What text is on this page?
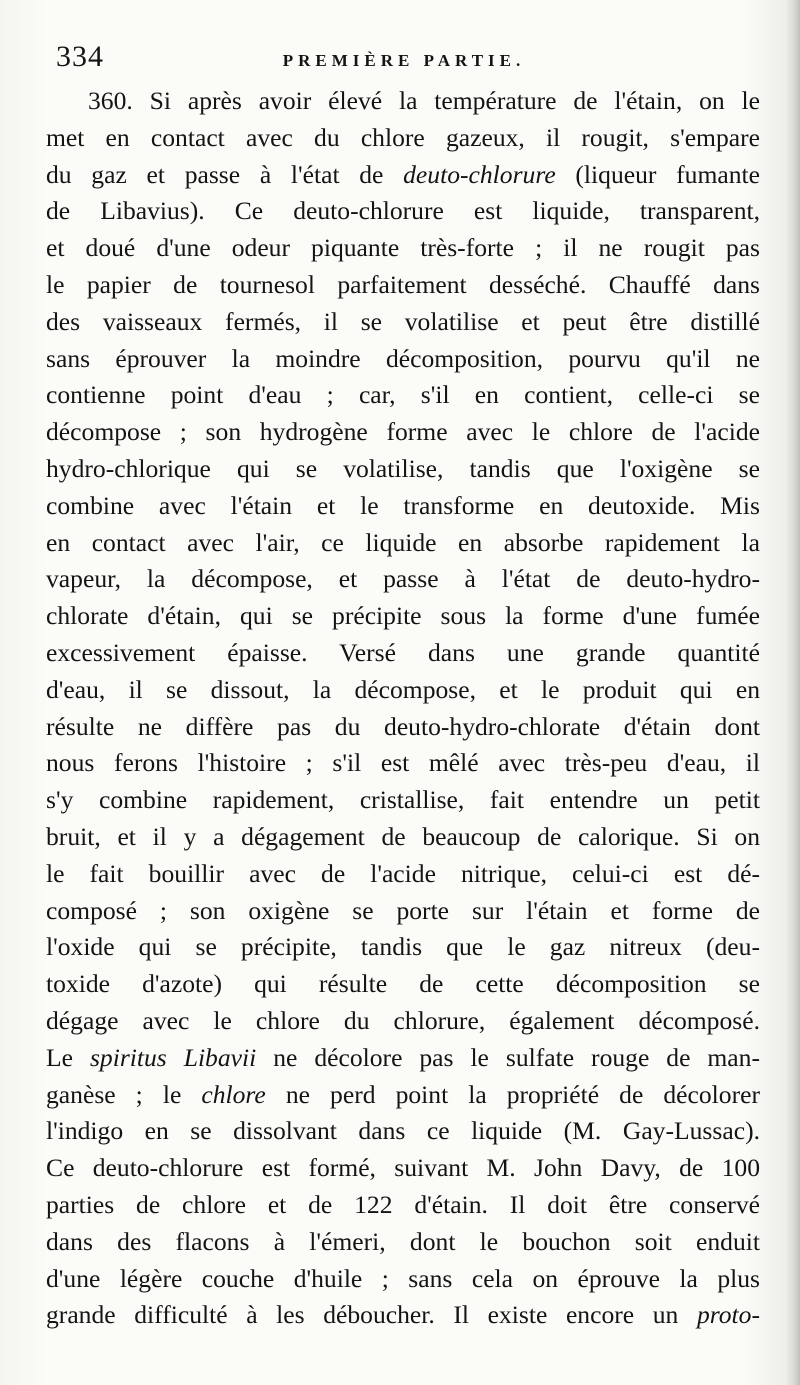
334	PREMIÈRE PARTIE.
360. Si après avoir élevé la température de l'étain, on le
met en contact avec du chlore gazeux, il rougit, s'empare
du gaz et passe à l'état de deuto-chlorure (liqueur fumante
de Libavius). Ce deuto-chlorure est liquide, transparent,
et doué d'une odeur piquante très-forte ; il ne rougit pas
le papier de tournesol parfaitement desséché. Chauffé dans
des vaisseaux fermés, il se volatilise et peut être distillé
sans éprouver la moindre décomposition, pourvu qu'il ne
contienne point d'eau ; car, s'il en contient, celle-ci se
décompose ; son hydrogène forme avec le chlore de l'acide
hydro-chlorique qui se volatilise, tandis que l'oxigène se
combine avec l'étain et le transforme en deutoxide. Mis
en contact avec l'air, ce liquide en absorbe rapidement la
vapeur, la décompose, et passe à l'état de deuto-hydro-
chlorate d'étain, qui se précipite sous la forme d'une fumée
excessivement épaisse. Versé dans une grande quantité
d'eau, il se dissout, la décompose, et le produit qui en
résulte ne diffère pas du deuto-hydro-chlorate d'étain dont
nous ferons l'histoire ; s'il est mêlé avec très-peu d'eau, il
s'y combine rapidement, cristallise, fait entendre un petit
bruit, et il y a dégagement de beaucoup de calorique. Si on
le fait bouillir avec de l'acide nitrique, celui-ci est dé-
composé ; son oxigène se porte sur l'étain et forme de
l'oxide qui se précipite, tandis que le gaz nitreux (deu-
toxide d'azote) qui résulte de cette décomposition se
dégage avec le chlore du chlorure, également décomposé.
Le spiritus Libavii ne décolore pas le sulfate rouge de man-
ganèse ; le chlore ne perd point la propriété de décolorer
l'indigo en se dissolvant dans ce liquide (M. Gay-Lussac).
Ce deuto-chlorure est formé, suivant M. John Davy, de 100
parties de chlore et de 122 d'étain. Il doit être conservé
dans des flacons à l'émeri, dont le bouchon soit enduit
d'une légère couche d'huile ; sans cela on éprouve la plus
grande difficulté à les déboucher. Il existe encore un proto-
